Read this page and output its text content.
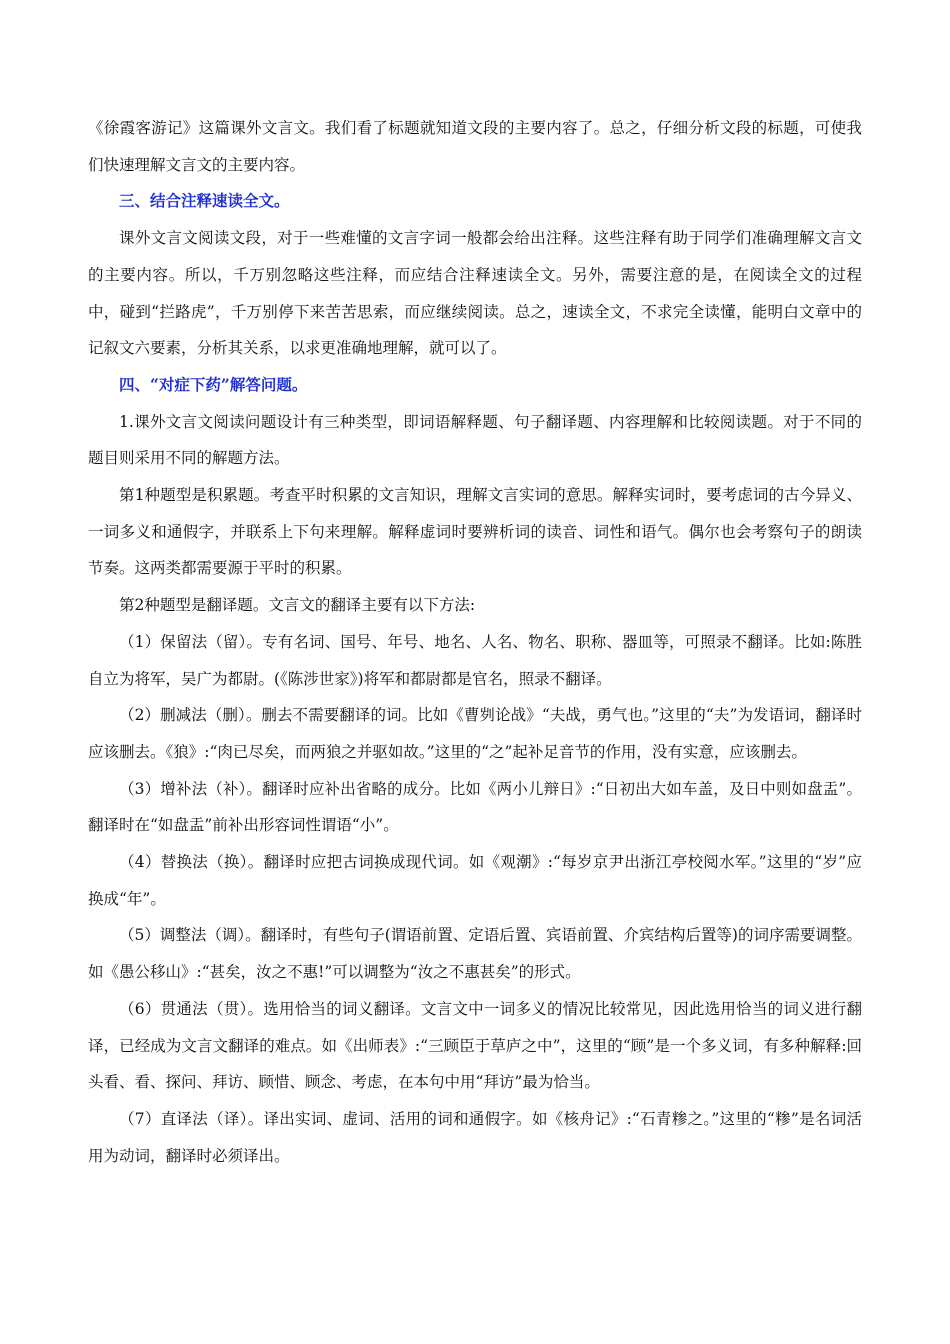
《徐霞客游记》这篇课外文言文。我们看了标题就知道文段的主要内容了。总之，仔细分析文段的标题，可使我们快速理解文言文的主要内容。

三、结合注释速读全文。

课外文言文阅读文段，对于一些难懂的文言字词一般都会给出注释。这些注释有助于同学们准确理解文言文的主要内容。所以，千万别忽略这些注释，而应结合注释速读全文。另外，需要注意的是，在阅读全文的过程中，碰到“拦路虎”，千万别停下来苦苦思索，而应继续阅读。总之，速读全文，不求完全读懂，能明白文章中的记叙文六要素，分析其关系，以求更准确地理解，就可以了。

四、“对症下药”解答问题。

1.课外文言文阅读问题设计有三种类型，即词语解释题、句子翻译题、内容理解和比较阅读题。对于不同的题目则采用不同的解题方法。

第1种题型是积累题。考查平时积累的文言知识，理解文言实词的意思。解释实词时，要考虑词的古今异义、一词多义和通假字，并联系上下句来理解。解释虚词时要辨析词的读音、词性和语气。偶尔也会考察句子的朗读节奏。这两类都需要源于平时的积累。

第2种题型是翻译题。文言文的翻译主要有以下方法:

（1）保留法（留）。专有名词、国号、年号、地名、人名、物名、职称、器皿等，可照录不翻译。比如:陈胜自立为将军，吴广为都尉。(《陈涉世家》)将军和都尉都是官名，照录不翻译。

（2）删减法（删）。删去不需要翻译的词。比如《曹刿论战》“夫战，勇气也。”这里的“夫”为发语词，翻译时应该删去。《狼》:“肉已尽矣，而两狼之并驱如故。”这里的“之”起补足音节的作用，没有实意，应该删去。

（3）增补法（补）。翻译时应补出省略的成分。比如《两小儿辩日》:“日初出大如车盖，及日中则如盘盂”。翻译时在“如盘盂”前补出形容词性谓语“小”。

（4）替换法（换）。翻译时应把古词换成现代词。如《观潮》:“每岁京尹出浙江亭校阅水军。”这里的“岁”应换成“年”。

（5）调整法（调）。翻译时，有些句子(谓语前置、定语后置、宾语前置、介宾结构后置等)的词序需要调整。如《愚公移山》:“甚矣，汝之不惠!”可以调整为“汝之不惠甚矣”的形式。

（6）贯通法（贯）。选用恰当的词义翻译。文言文中一词多义的情况比较常见，因此选用恰当的词义进行翻译，已经成为文言文翻译的难点。如《出师表》:“三顾臣于草庐之中”，这里的“顾”是一个多义词，有多种解释:回头看、看、探问、拜访、顾惜、顾念、考虑，在本句中用“拜访”最为恰当。

（7）直译法（译）。译出实词、虚词、活用的词和通假字。如《核舟记》:“石青糁之。”这里的“糁”是名词活用为动词，翻译时必须译出。
